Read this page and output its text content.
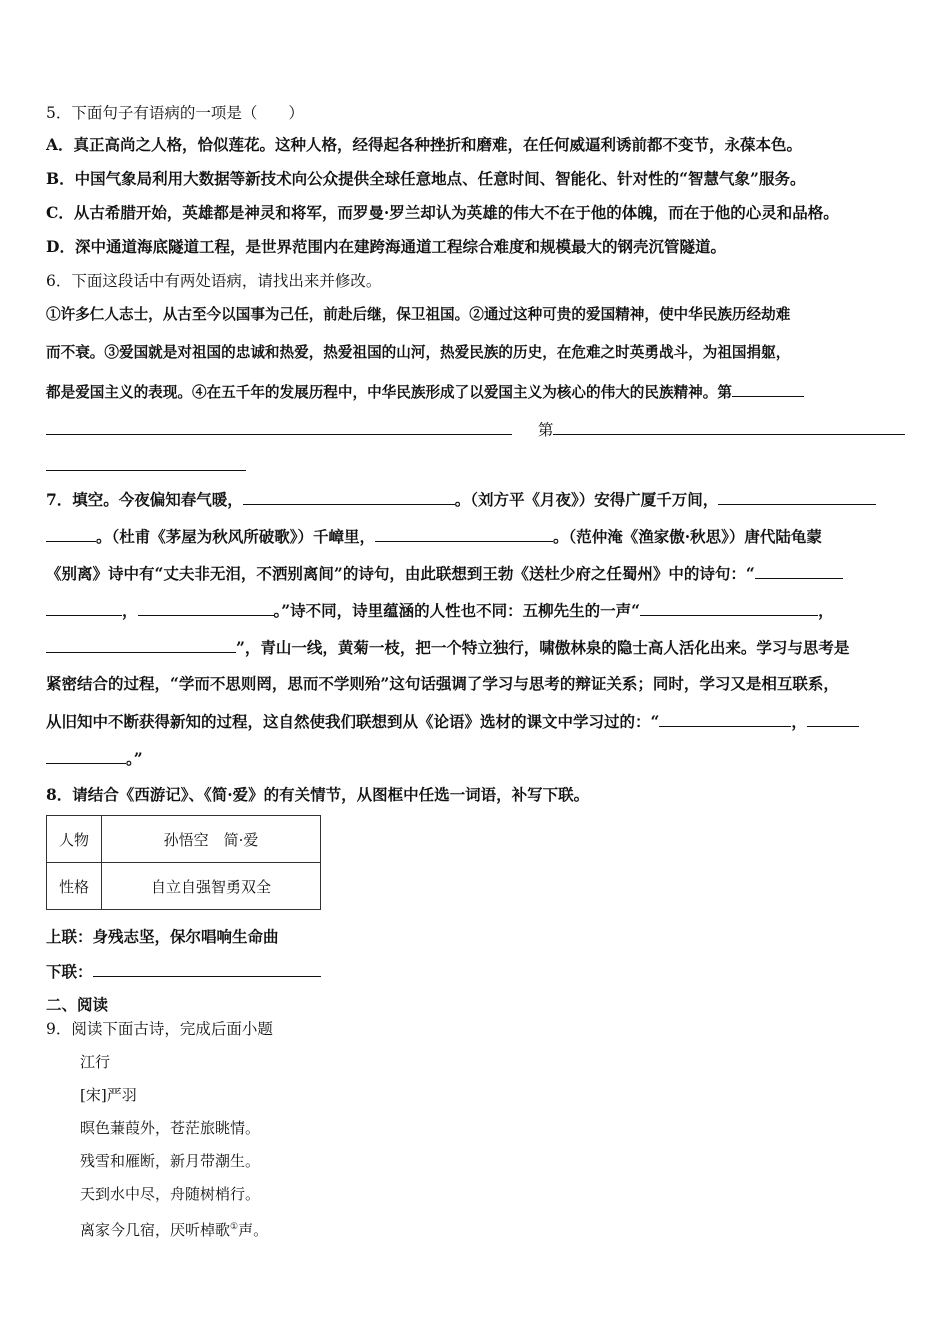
5．下面句子有语病的一项是（　　）
A．真正高尚之人格，恰似莲花。这种人格，经得起各种挫折和磨难，在任何威逼利诱前都不变节，永葆本色。
B．中国气象局利用大数据等新技术向公众提供全球任意地点、任意时间、智能化、针对性的“智慧气象”服务。
C．从古希腊开始，英雄都是神灵和将军，而罗曼·罗兰却认为英雄的伟大不在于他的体魄，而在于他的心灵和品格。
D．深中通道海底隧道工程，是世界范围内在建跨海通道工程综合难度和规模最大的钢壳沉管隧道。
6．下面这段话中有两处语病，请找出来并修改。
①许多仁人志士，从古至今以国事为己任，前赴后继，保卫祖国。②通过这种可贵的爱国精神，使中华民族历经劫难
而不衰。③爱国就是对祖国的忠诚和热爱，热爱祖国的山河，热爱民族的历史，在危难之时英勇战斗，为祖国捐躯，
都是爱国主义的表现。④在五千年的发展历程中，中华民族形成了以爱国主义为核心的伟大的民族精神。第
第
7．填空。今夜偏知春气暖，	。（刘方平《月夜》）安得广厦千万间，
。（杜甫《茅屋为秋风所破歌》）千嶂里，	。（范仲淹《渔家傲·秋思》）唐代陆龟蒙
《别离》诗中有“丈夫非无泪，不洒别离间”的诗句，由此联想到王勃《送杜少府之任蜀州》中的诗句：“
，	。”诗不同，诗里蕴涵的人性也不同：五柳先生的一声“	，
”，青山一线，黄菊一枝，把一个特立独行，啸傲林泉的隐士高人活化出来。学习与思考是
紧密结合的过程，“学而不思则罔，思而不学则殆”这句话强调了学习与思考的辩证关系；同时，学习又是相互联系，
从旧知中不断获得新知的过程，这自然使我们联想到从《论语》选材的课文中学习过的：“	，
。”
8．请结合《西游记》、《简·爱》的有关情节，从图框中任选一词语，补写下联。
人物	孙悟空　简·爱
性格	自立自强智勇双全
上联：身残志坚，保尔唱响生命曲
下联：
二、阅读
9．阅读下面古诗，完成后面小题
江行
[宋]严羽
暝色蒹葭外，苍茫旅眺情。
残雪和雁断，新月带潮生。
天到水中尽，舟随树梢行。
离家今几宿，厌听棹歌①声。
